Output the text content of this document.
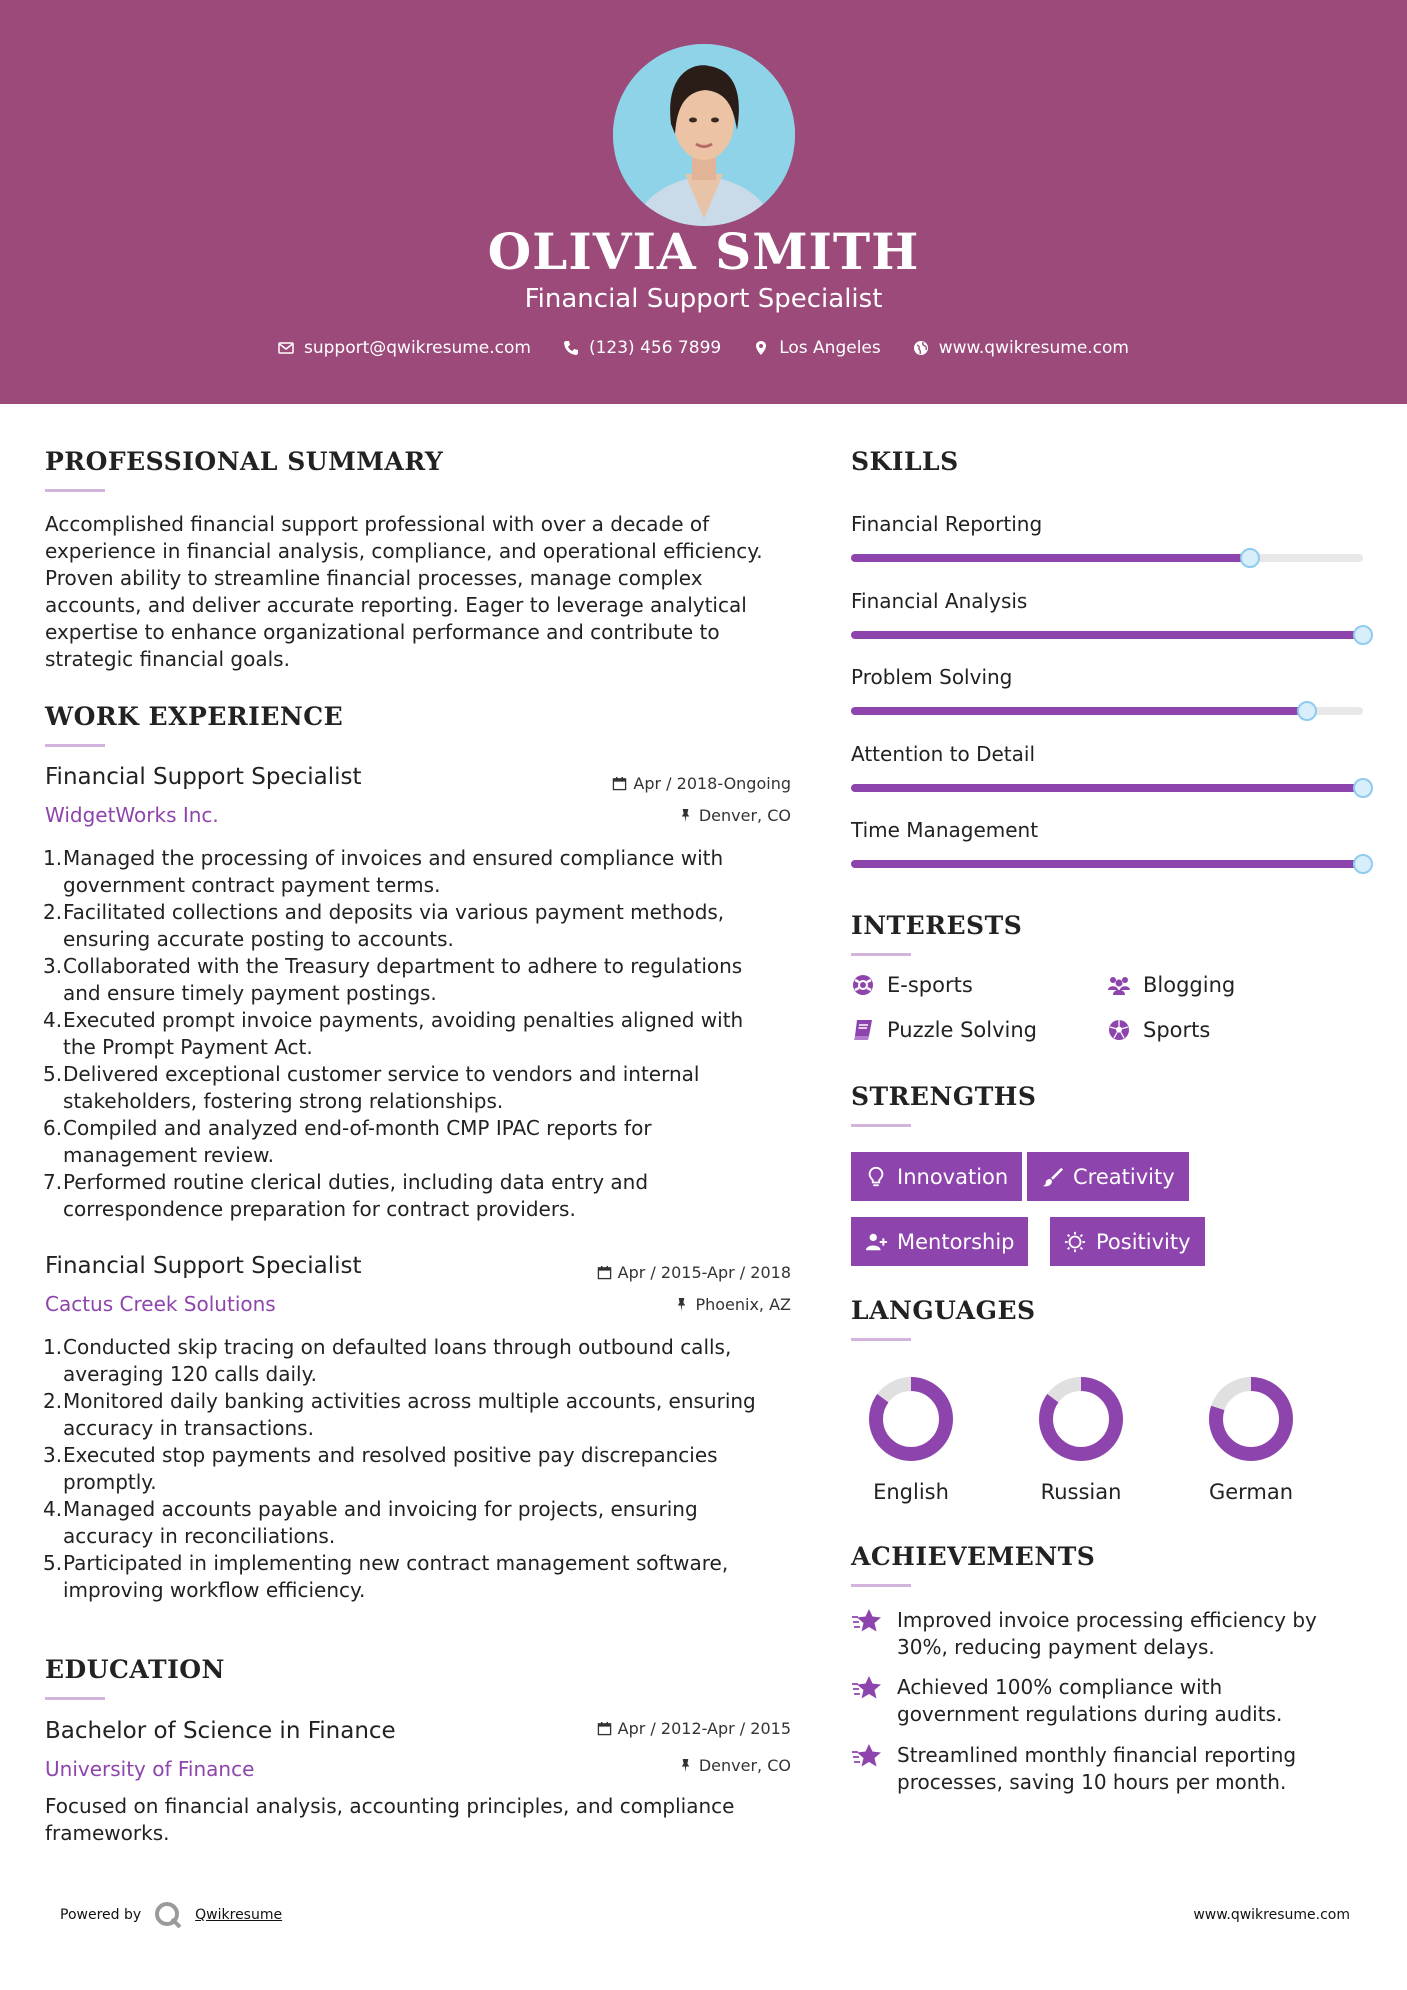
OLIVIA SMITH
Financial Support Specialist
support@qwikresume.com	(123) 456 7899	Los Angeles	www.qwikresume.com
PROFESSIONAL SUMMARY
Accomplished financial support professional with over a decade of
experience in financial analysis, compliance, and operational efficiency.
Proven ability to streamline financial processes, manage complex
accounts, and deliver accurate reporting. Eager to leverage analytical
expertise to enhance organizational performance and contribute to
strategic financial goals.
WORK EXPERIENCE
Financial Support Specialist
WidgetWorks Inc.
Apr / 2018-Ongoing
Denver, CO
1. Managed the processing of invoices and ensured compliance with
government contract payment terms.
2. Facilitated collections and deposits via various payment methods,
ensuring accurate posting to accounts.
3. Collaborated with the Treasury department to adhere to regulations
and ensure timely payment postings.
4. Executed prompt invoice payments, avoiding penalties aligned with
the Prompt Payment Act.
5. Delivered exceptional customer service to vendors and internal
stakeholders, fostering strong relationships.
6. Compiled and analyzed end-of-month CMP IPAC reports for
management review.
7. Performed routine clerical duties, including data entry and
correspondence preparation for contract providers.
Financial Support Specialist
Cactus Creek Solutions
Apr / 2015-Apr / 2018
Phoenix, AZ
1. Conducted skip tracing on defaulted loans through outbound calls,
averaging 120 calls daily.
2. Monitored daily banking activities across multiple accounts, ensuring
accuracy in transactions.
3. Executed stop payments and resolved positive pay discrepancies
promptly.
4. Managed accounts payable and invoicing for projects, ensuring
accuracy in reconciliations.
5. Participated in implementing new contract management software,
improving workflow efficiency.
EDUCATION
Bachelor of Science in Finance
University of Finance
Apr / 2012-Apr / 2015
Denver, CO
Focused on financial analysis, accounting principles, and compliance
frameworks.
SKILLS
Financial Reporting
Financial Analysis
Problem Solving
Attention to Detail
Time Management
INTERESTS
E-sports	Blogging
Puzzle Solving	Sports
STRENGTHS
Innovation	Creativity
Mentorship	Positivity
LANGUAGES
English	Russian	German
ACHIEVEMENTS
Improved invoice processing efficiency by
30%, reducing payment delays.
Achieved 100% compliance with
government regulations during audits.
Streamlined monthly financial reporting
processes, saving 10 hours per month.
Powered by	Qwikresume	www.qwikresume.com
